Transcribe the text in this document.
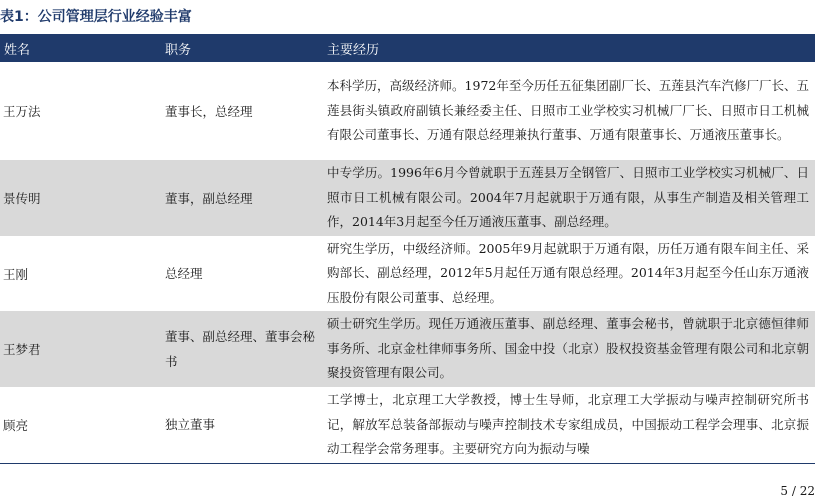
表1：公司管理层行业经验丰富
姓名	职务	主要经历
王万法	董事长，总经理	本科学历，高级经济师。1972年至今历任五征集团副厂长、五莲县汽车汽修厂厂长、五莲县街头镇政府副镇长兼经委主任、日照市工业学校实习机械厂厂长、日照市日工机械有限公司董事长、万通有限总经理兼执行董事、万通有限董事长、万通液压董事长。

景传明	董事，副总经理	中专学历。1996年6月今曾就职于五莲县万全钢管厂、日照市工业学校实习机械厂、日照市日工机械有限公司。2004年7月起就职于万通有限，从事生产制造及相关管理工作，2014年3月起至今任万通液压董事、副总经理。

王刚	总经理	研究生学历，中级经济师。2005年9月起就职于万通有限，历任万通有限车间主任、采购部长、副总经理，2012年5月起任万通有限总经理。2014年3月起至今任山东万通液压股份有限公司董事、总经理。

王梦君	董事、副总经理、董事会秘书	硕士研究生学历。现任万通液压董事、副总经理、董事会秘书，曾就职于北京德恒律师事务所、北京金杜律师事务所、国金中投（北京）股权投资基金管理有限公司和北京朝聚投资管理有限公司。

顾亮	独立董事	工学博士，北京理工大学教授，博士生导师，北京理工大学振动与噪声控制研究所书记，解放军总装备部振动与噪声控制技术专家组成员，中国振动工程学会理事、北京振动工程学会常务理事。主要研究方向为振动与噪
5 / 22
